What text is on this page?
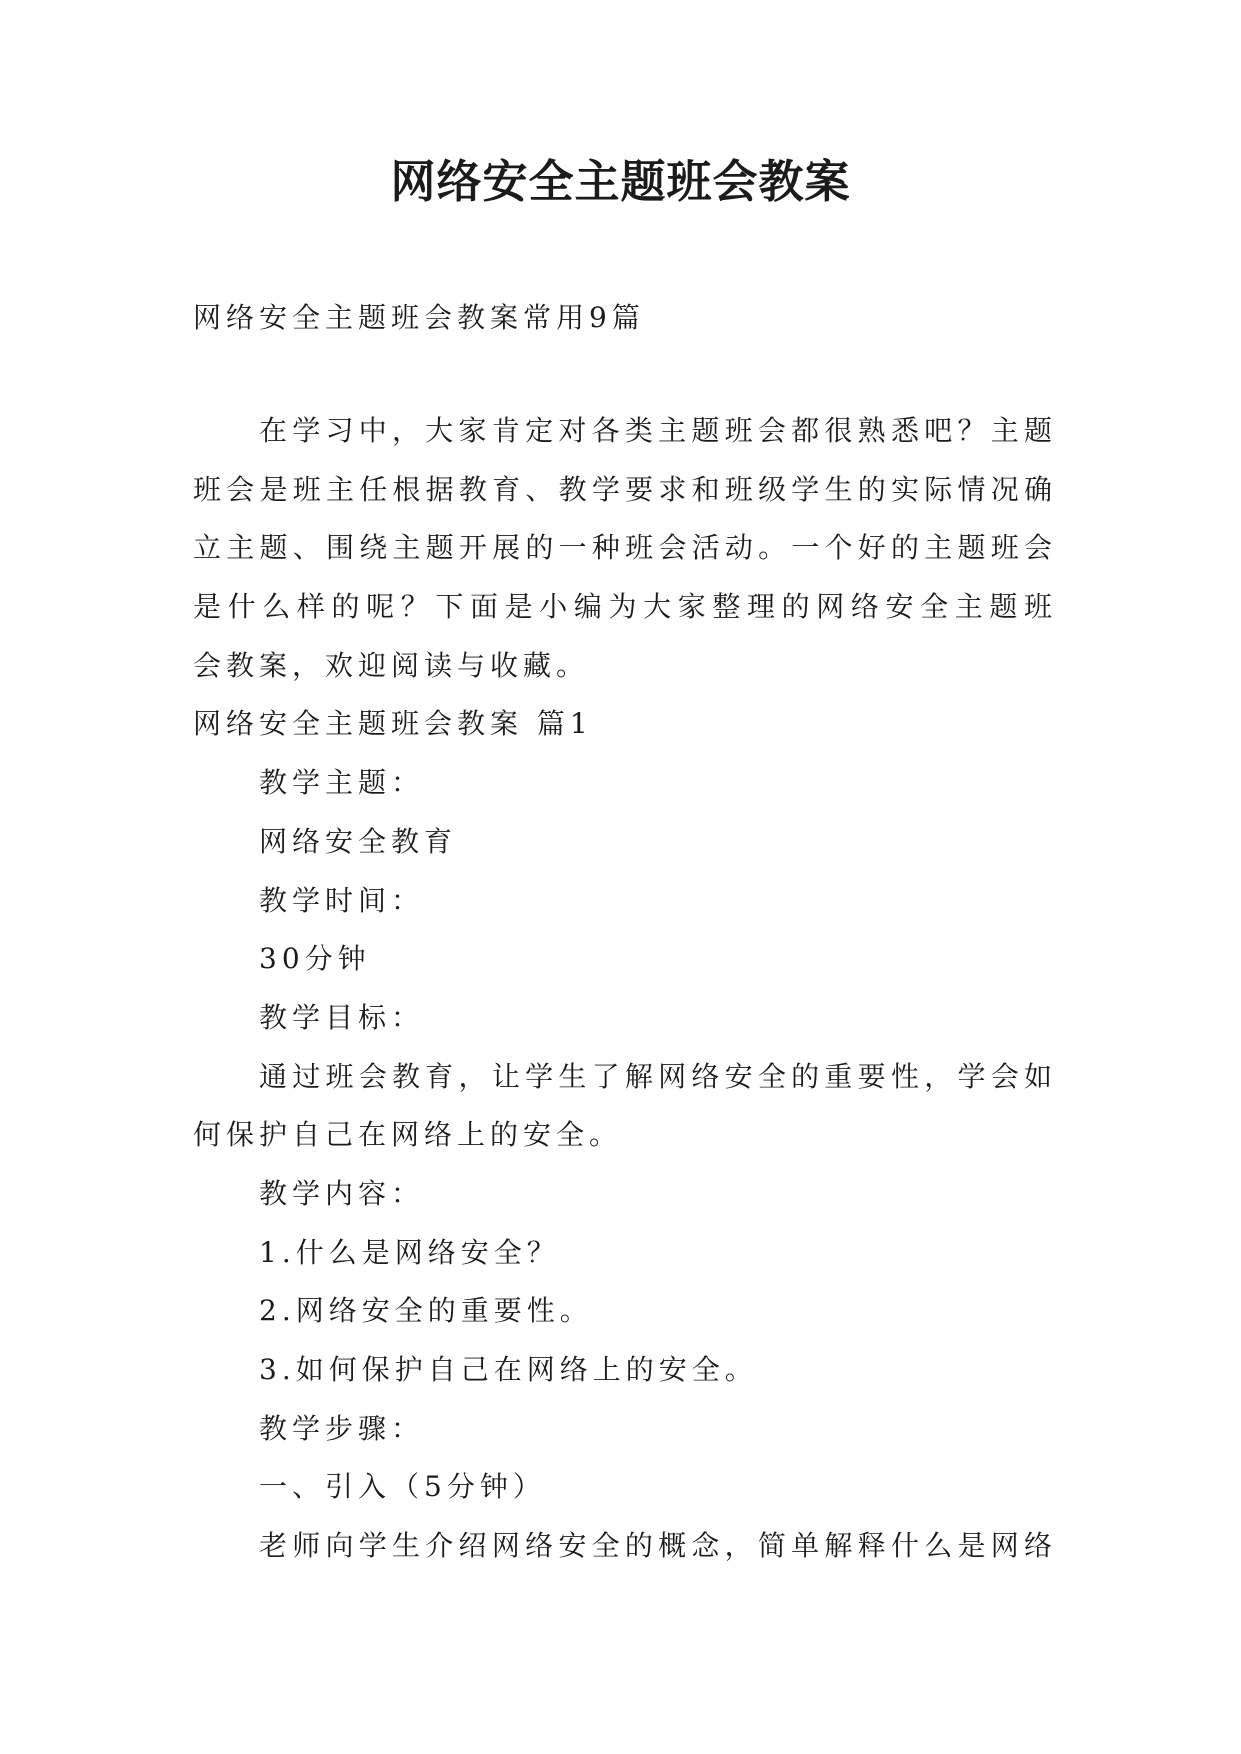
网络安全主题班会教案
网络安全主题班会教案常用9篇
在学习中，大家肯定对各类主题班会都很熟悉吧？主题
班会是班主任根据教育、教学要求和班级学生的实际情况确
立主题、围绕主题开展的一种班会活动。一个好的主题班会
是什么样的呢？下面是小编为大家整理的网络安全主题班
会教案，欢迎阅读与收藏。
网络安全主题班会教案 篇1
教学主题：
网络安全教育
教学时间：
30分钟
教学目标：
通过班会教育，让学生了解网络安全的重要性，学会如
何保护自己在网络上的安全。
教学内容：
1.什么是网络安全？
2.网络安全的重要性。
3.如何保护自己在网络上的安全。
教学步骤：
一、引入（5分钟）
老师向学生介绍网络安全的概念，简单解释什么是网络
